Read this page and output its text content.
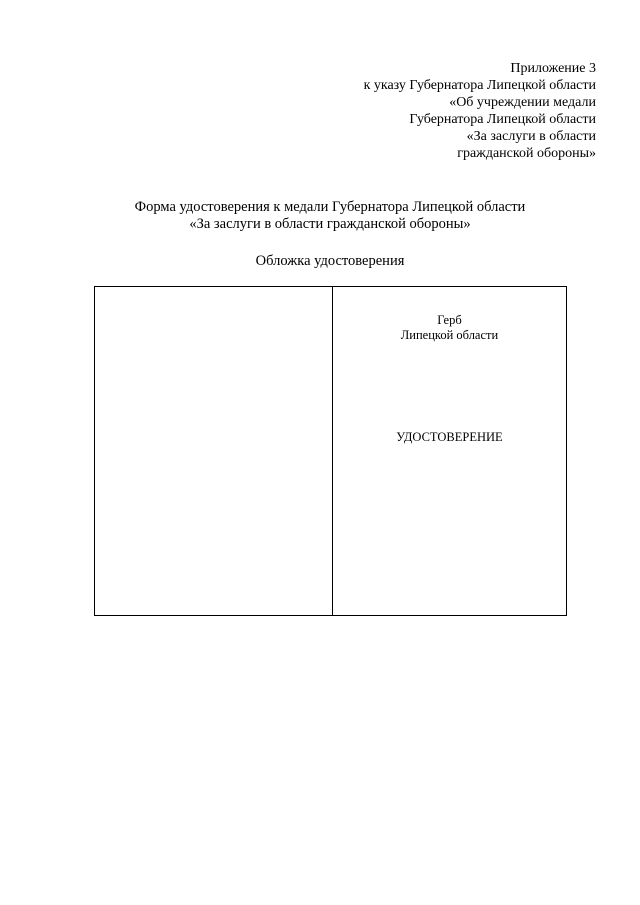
Приложение 3
к указу Губернатора Липецкой области
«Об учреждении медали
Губернатора Липецкой области
«За заслуги в области
гражданской обороны»
Форма удостоверения к медали Губернатора Липецкой области
«За заслуги в области гражданской обороны»
Обложка удостоверения
Герб
Липецкой области
УДОСТОВЕРЕНИЕ
